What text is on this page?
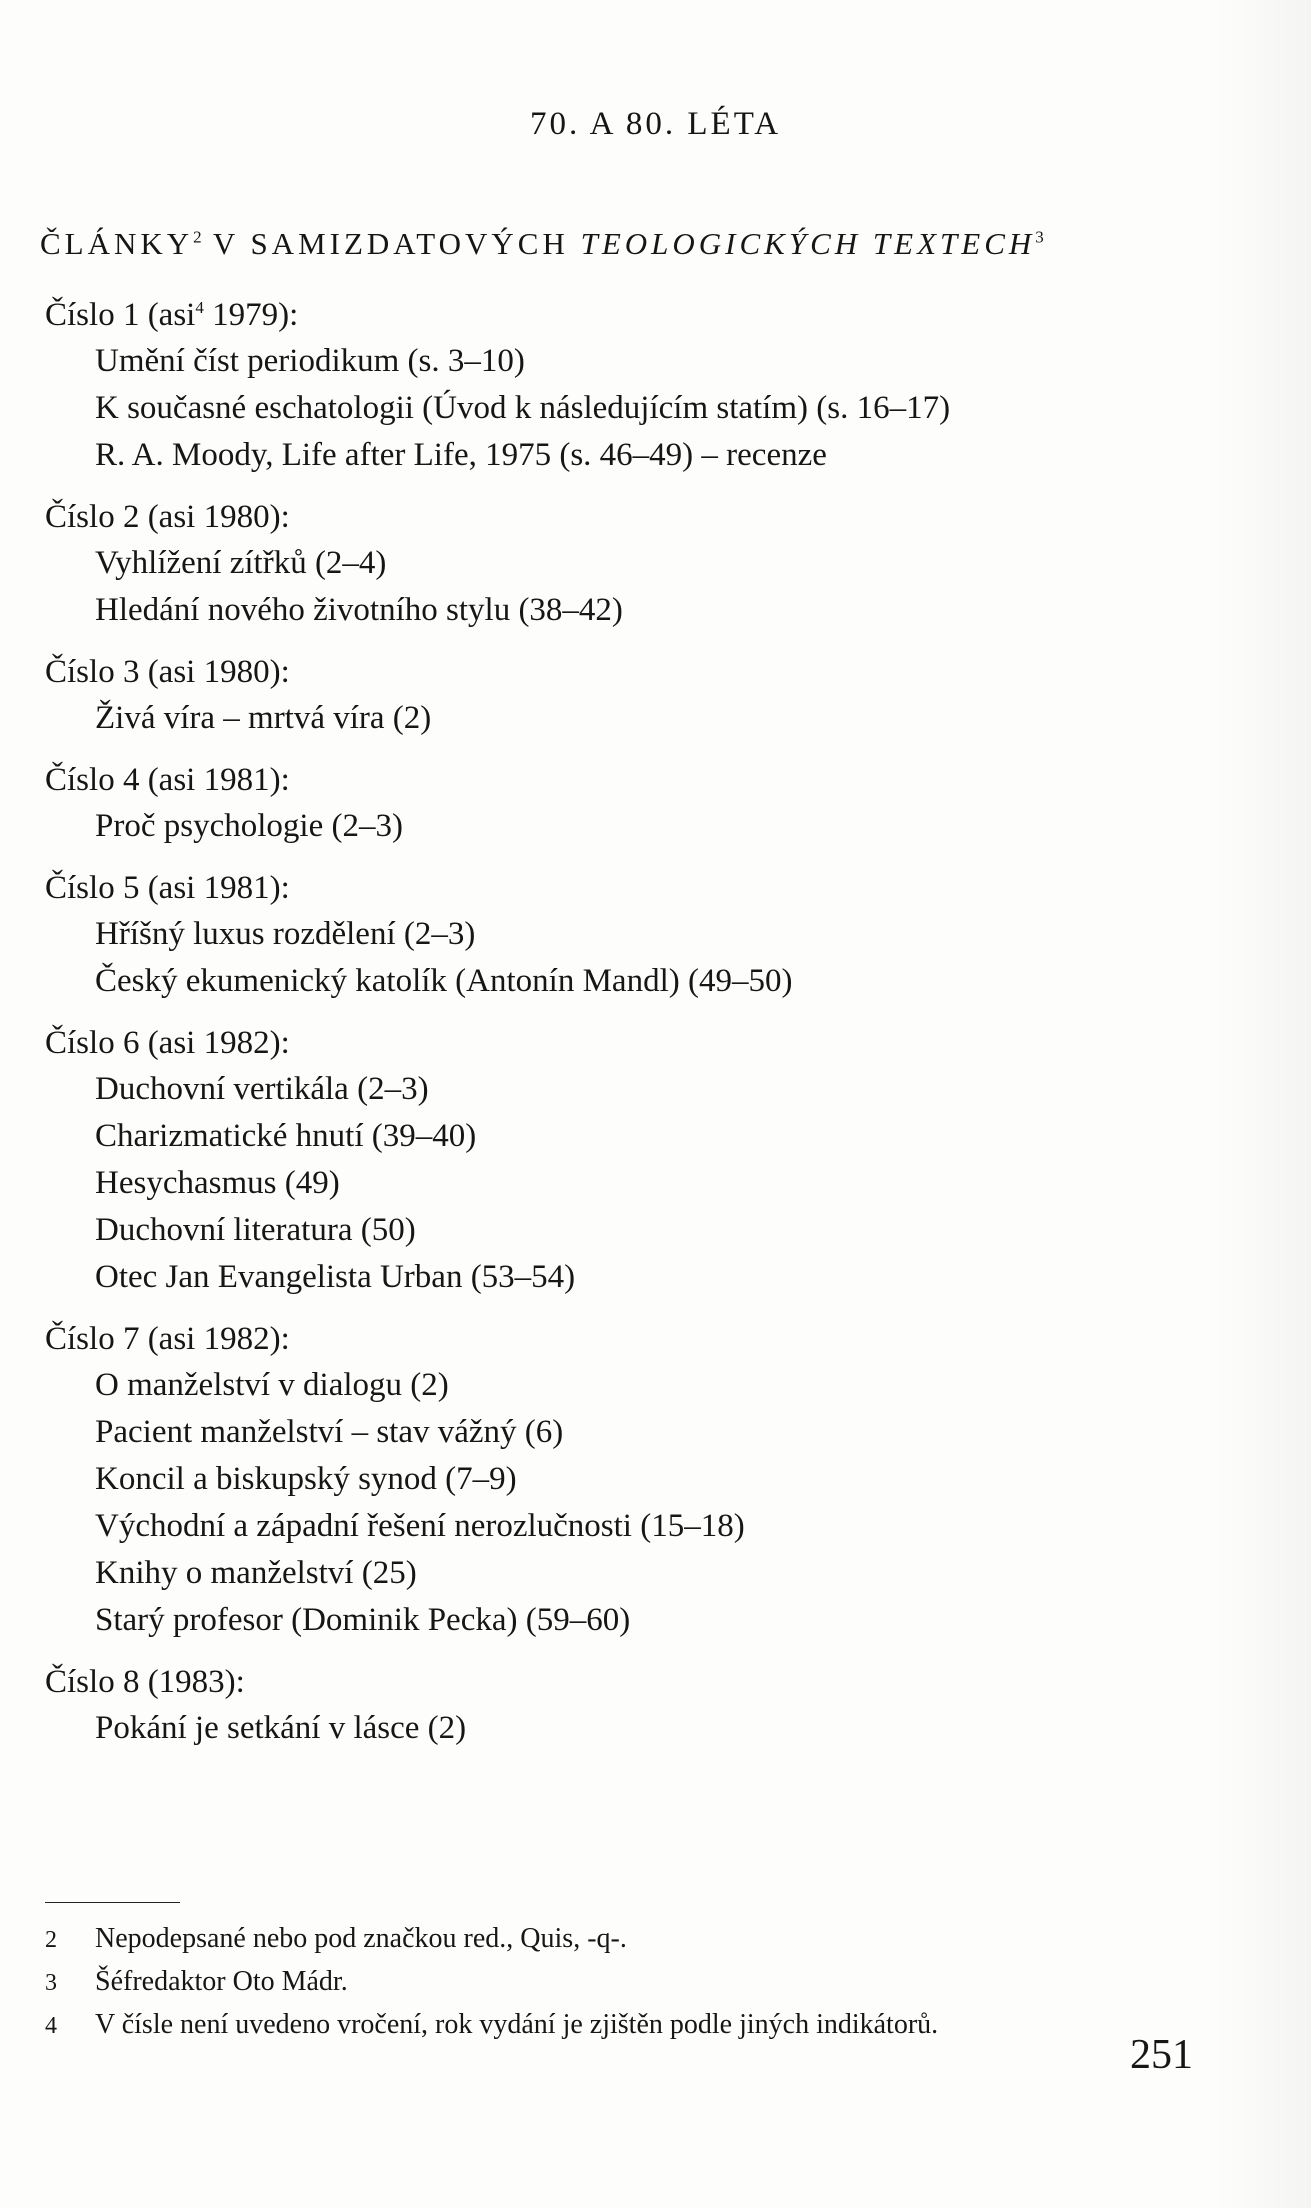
70. A 80. LÉTA
ČLÁNKY$^2$ V SAMIZDATOVÝCH TEOLOGICKÝCH TEXTECH$^3$
Číslo 1 (asi$^4$ 1979):
Umění číst periodikum (s. 3–10)
K současné eschatologii (Úvod k následujícím statím) (s. 16–17)
R. A. Moody, Life after Life, 1975 (s. 46–49) – recenze
Číslo 2 (asi 1980):
Vyhlížení zítřků (2–4)
Hledání nového životního stylu (38–42)
Číslo 3 (asi 1980):
Živá víra – mrtvá víra (2)
Číslo 4 (asi 1981):
Proč psychologie (2–3)
Číslo 5 (asi 1981):
Hříšný luxus rozdělení (2–3)
Český ekumenický katolík (Antonín Mandl) (49–50)
Číslo 6 (asi 1982):
Duchovní vertikála (2–3)
Charizmatické hnutí (39–40)
Hesychasmus (49)
Duchovní literatura (50)
Otec Jan Evangelista Urban (53–54)
Číslo 7 (asi 1982):
O manželství v dialogu (2)
Pacient manželství – stav vážný (6)
Koncil a biskupský synod (7–9)
Východní a západní řešení nerozlučnosti (15–18)
Knihy o manželství (25)
Starý profesor (Dominik Pecka) (59–60)
Číslo 8 (1983):
Pokání je setkání v lásce (2)
2 Nepodepsané nebo pod značkou red., Quis, -q-.
3 Šéfredaktor Oto Mádr.
4 V čísle není uvedeno vročení, rok vydání je zjištěn podle jiných indikátorů.
251
